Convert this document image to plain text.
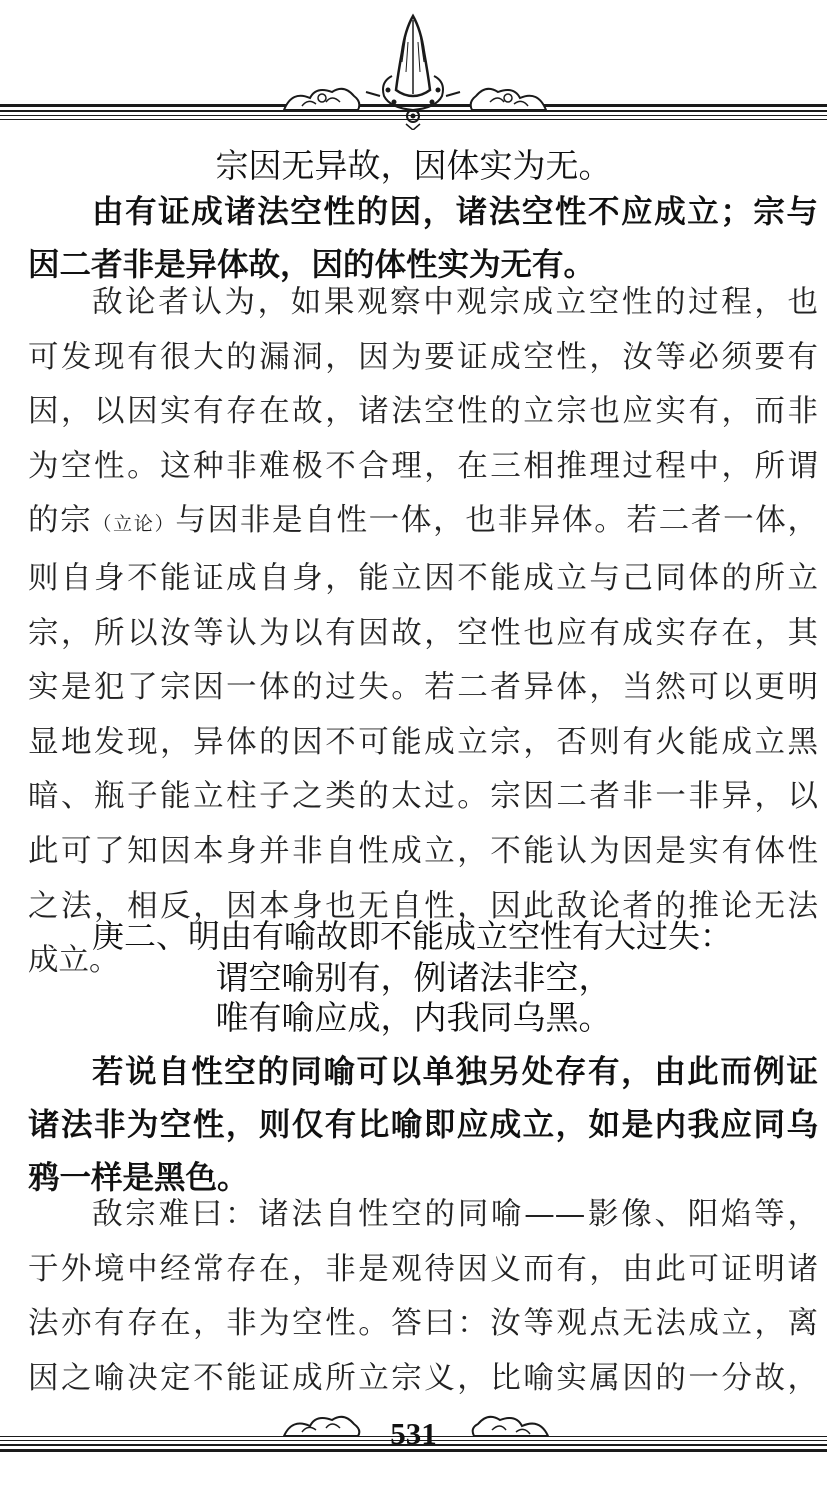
宗因无异故，因体实为无。
由有证成诸法空性的因，诸法空性不应成立；宗与
因二者非是异体故，因的体性实为无有。
敌论者认为，如果观察中观宗成立空性的过程，也
可发现有很大的漏洞，因为要证成空性，汝等必须要有
因，以因实有存在故，诸法空性的立宗也应实有，而非
为空性。这种非难极不合理，在三相推理过程中，所谓
的宗（立论）与因非是自性一体，也非异体。若二者一体，
则自身不能证成自身，能立因不能成立与己同体的所立
宗，所以汝等认为以有因故，空性也应有成实存在，其
实是犯了宗因一体的过失。若二者异体，当然可以更明
显地发现，异体的因不可能成立宗，否则有火能成立黑
暗、瓶子能立柱子之类的太过。宗因二者非一非异，以
此可了知因本身并非自性成立，不能认为因是实有体性
之法，相反，因本身也无自性，因此敌论者的推论无法
成立。
庚二、明由有喻故即不能成立空性有大过失：
谓空喻别有，例诸法非空，
唯有喻应成，内我同乌黑。
若说自性空的同喻可以单独另处存有，由此而例证
诸法非为空性，则仅有比喻即应成立，如是内我应同乌
鸦一样是黑色。
敌宗难曰：诸法自性空的同喻——影像、阳焰等，
于外境中经常存在，非是观待因义而有，由此可证明诸
法亦有存在，非为空性。答曰：汝等观点无法成立，离
因之喻决定不能证成所立宗义，比喻实属因的一分故，
531
